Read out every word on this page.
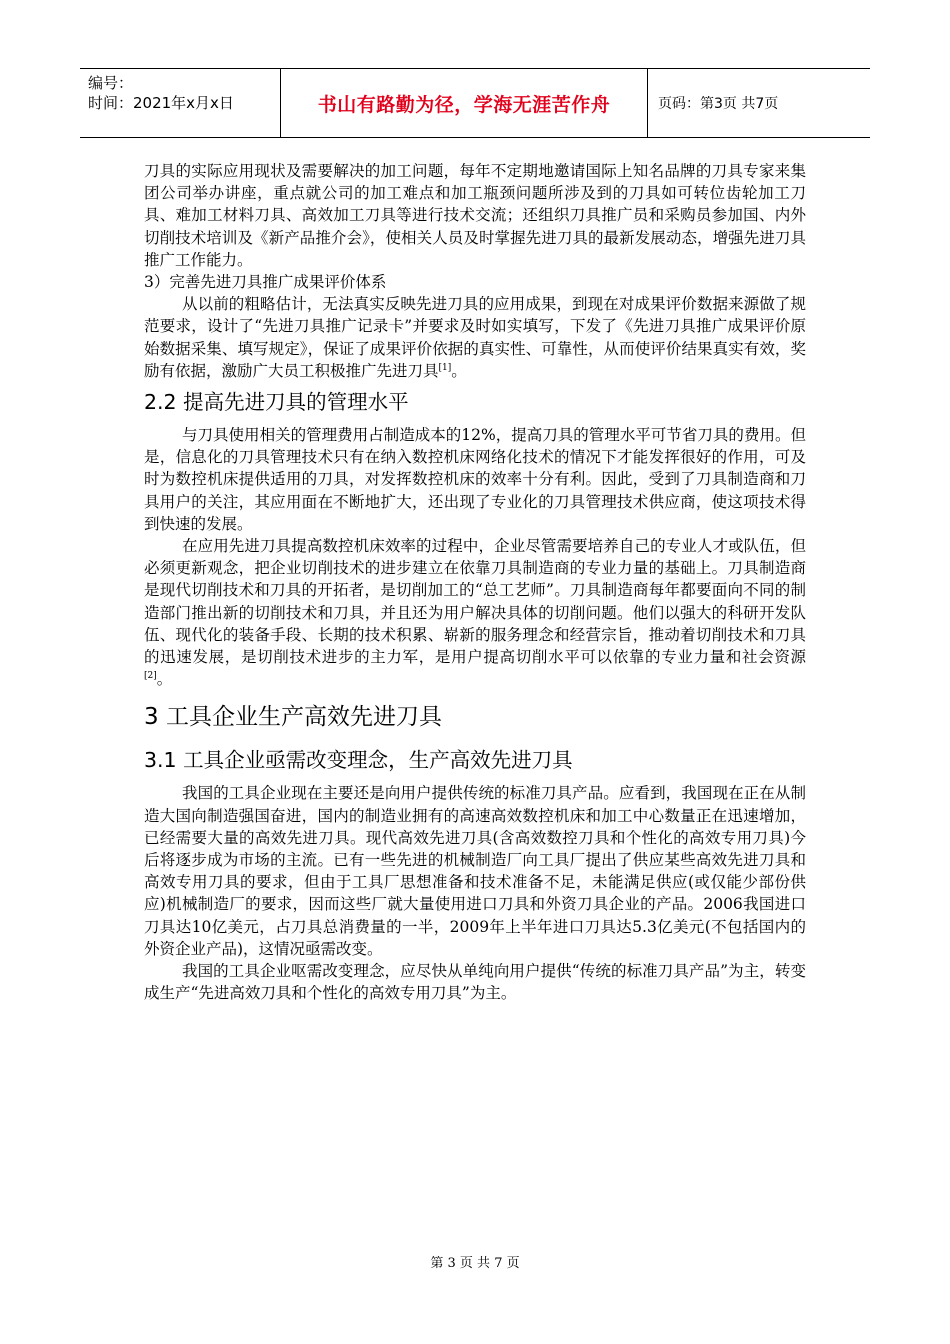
编号：
时间：2021年x月x日	书山有路勤为径，学海无涯苦作舟	页码：第3页 共7页

刀具的实际应用现状及需要解决的加工问题，每年不定期地邀请国际上知名品牌的刀具专家来集团公司举办讲座，重点就公司的加工难点和加工瓶颈问题所涉及到的刀具如可转位齿轮加工刀具、难加工材料刀具、高效加工刀具等进行技术交流；还组织刀具推广员和采购员参加国、内外切削技术培训及《新产品推介会》，使相关人员及时掌握先进刀具的最新发展动态，增强先进刀具推广工作能力。

3）完善先进刀具推广成果评价体系

从以前的粗略估计，无法真实反映先进刀具的应用成果，到现在对成果评价数据来源做了规范要求，设计了“先进刀具推广记录卡”并要求及时如实填写，下发了《先进刀具推广成果评价原始数据采集、填写规定》，保证了成果评价依据的真实性、可靠性，从而使评价结果真实有效，奖励有依据，激励广大员工积极推广先进刀具[1]。

2.2 提高先进刀具的管理水平

与刀具使用相关的管理费用占制造成本的12%，提高刀具的管理水平可节省刀具的费用。但是，信息化的刀具管理技术只有在纳入数控机床网络化技术的情况下才能发挥很好的作用，可及时为数控机床提供适用的刀具，对发挥数控机床的效率十分有利。因此，受到了刀具制造商和刀具用户的关注，其应用面在不断地扩大，还出现了专业化的刀具管理技术供应商，使这项技术得到快速的发展。

在应用先进刀具提高数控机床效率的过程中，企业尽管需要培养自己的专业人才或队伍，但必须更新观念，把企业切削技术的进步建立在依靠刀具制造商的专业力量的基础上。刀具制造商是现代切削技术和刀具的开拓者，是切削加工的“总工艺师”。刀具制造商每年都要面向不同的制造部门推出新的切削技术和刀具，并且还为用户解决具体的切削问题。他们以强大的科研开发队伍、现代化的装备手段、长期的技术积累、崭新的服务理念和经营宗旨，推动着切削技术和刀具的迅速发展，是切削技术进步的主力军，是用户提高切削水平可以依靠的专业力量和社会资源[2]。

3 工具企业生产高效先进刀具
3.1 工具企业亟需改变理念，生产高效先进刀具

我国的工具企业现在主要还是向用户提供传统的标准刀具产品。应看到，我国现在正在从制造大国向制造强国奋进，国内的制造业拥有的高速高效数控机床和加工中心数量正在迅速增加，已经需要大量的高效先进刀具。现代高效先进刀具(含高效数控刀具和个性化的高效专用刀具)今后将逐步成为市场的主流。已有一些先进的机械制造厂向工具厂提出了供应某些高效先进刀具和高效专用刀具的要求，但由于工具厂思想准备和技术准备不足，未能满足供应(或仅能少部份供应)机械制造厂的要求，因而这些厂就大量使用进口刀具和外资刀具企业的产品。2006我国进口刀具达10亿美元，占刀具总消费量的一半，2009年上半年进口刀具达5.3亿美元(不包括国内的外资企业产品)，这情况亟需改变。

我国的工具企业呕需改变理念，应尽快从单纯向用户提供“传统的标准刀具产品”为主，转变成生产“先进高效刀具和个性化的高效专用刀具”为主。

第 3 页 共 7 页
